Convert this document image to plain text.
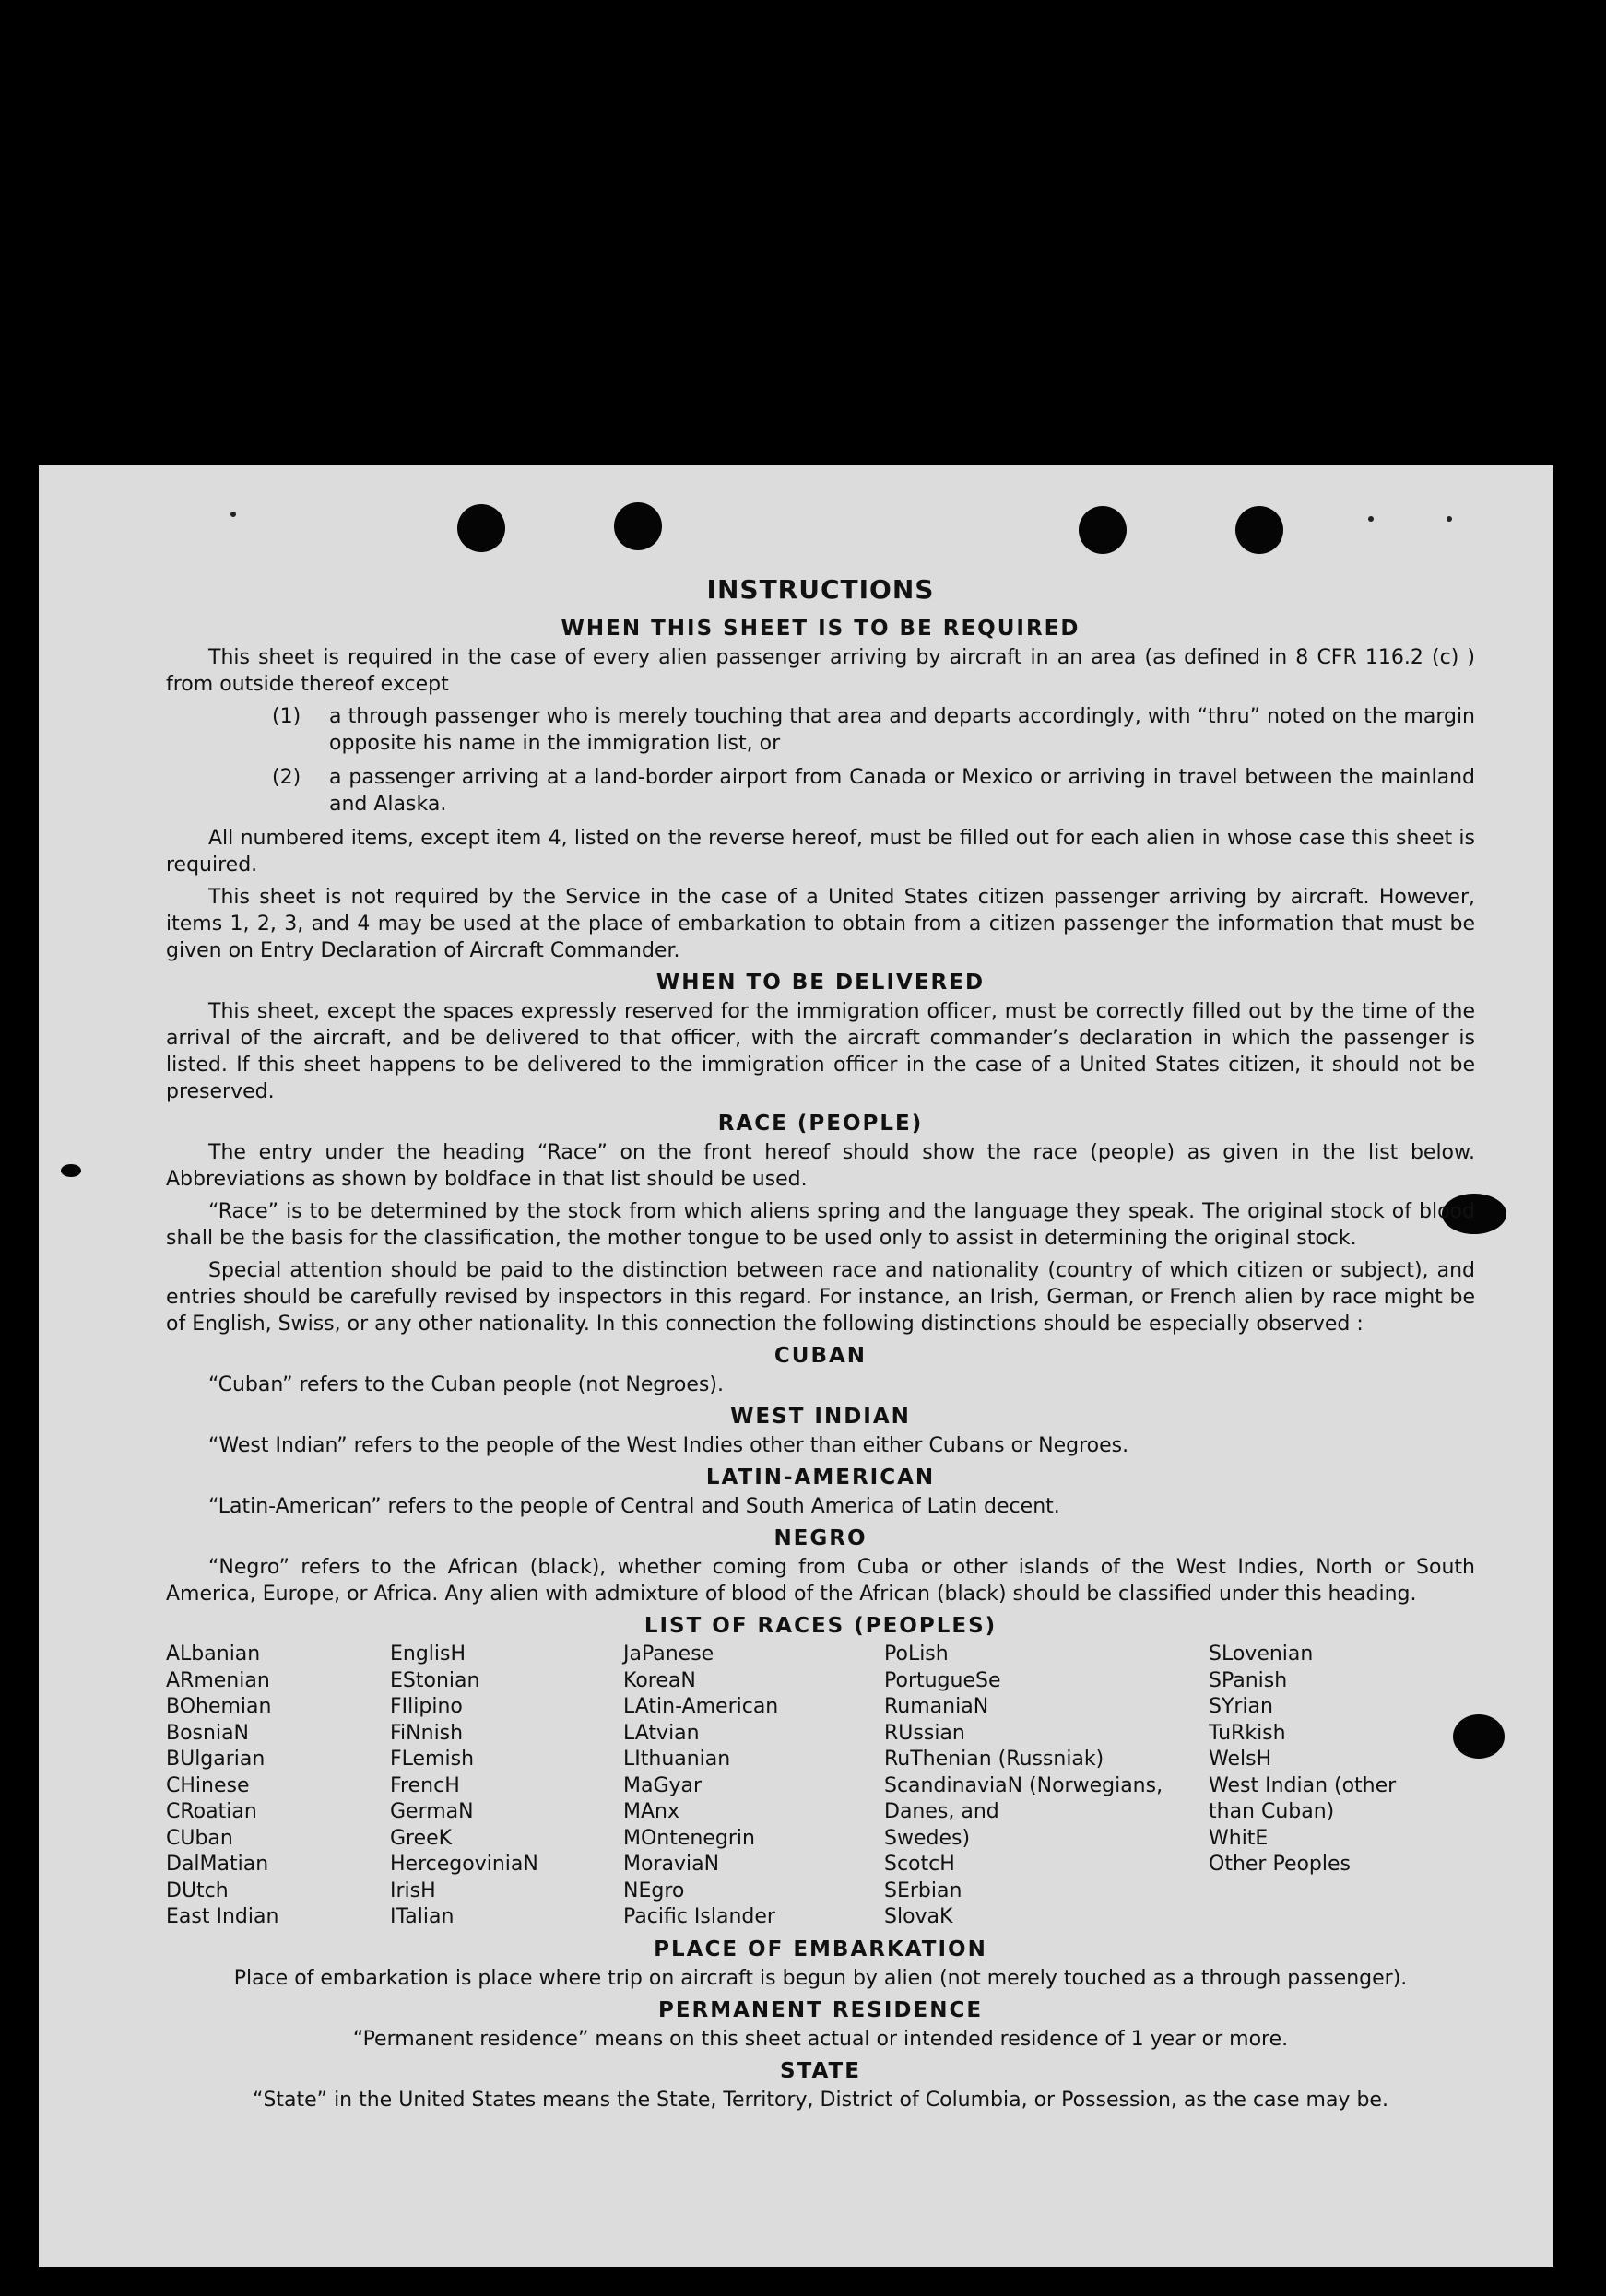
INSTRUCTIONS
WHEN THIS SHEET IS TO BE REQUIRED

This sheet is required in the case of every alien passenger arriving by aircraft in an area (as defined in 8 CFR 116.2 (c) ) from outside thereof except

(1)	a through passenger who is merely touching that area and departs accordingly, with “thru” noted on the margin opposite his name in the immigration list, or
(2)	a passenger arriving at a land-border airport from Canada or Mexico or arriving in travel between the mainland and Alaska.

All numbered items, except item 4, listed on the reverse hereof, must be filled out for each alien in whose case this sheet is required.

This sheet is not required by the Service in the case of a United States citizen passenger arriving by aircraft. However, items 1, 2, 3, and 4 may be used at the place of embarkation to obtain from a citizen passenger the information that must be given on Entry Declaration of Aircraft Commander.

WHEN TO BE DELIVERED

This sheet, except the spaces expressly reserved for the immigration officer, must be correctly filled out by the time of the arrival of the aircraft, and be delivered to that officer, with the aircraft commander’s declaration in which the passenger is listed. If this sheet happens to be delivered to the immigration officer in the case of a United States citizen, it should not be preserved.

RACE (PEOPLE)

The entry under the heading “Race” on the front hereof should show the race (people) as given in the list below. Abbreviations as shown by boldface in that list should be used.

“Race” is to be determined by the stock from which aliens spring and the language they speak. The original stock of blood shall be the basis for the classification, the mother tongue to be used only to assist in determining the original stock.

Special attention should be paid to the distinction between race and nationality (country of which citizen or subject), and entries should be carefully revised by inspectors in this regard. For instance, an Irish, German, or French alien by race might be of English, Swiss, or any other nationality. In this connection the following distinctions should be especially observed :

CUBAN

“Cuban” refers to the Cuban people (not Negroes).

WEST INDIAN

“West Indian” refers to the people of the West Indies other than either Cubans or Negroes.

LATIN-AMERICAN

“Latin-American” refers to the people of Central and South America of Latin decent.

NEGRO

“Negro” refers to the African (black), whether coming from Cuba or other islands of the West Indies, North or South America, Europe, or Africa. Any alien with admixture of blood of the African (black) should be classified under this heading.

LIST OF RACES (PEOPLES)
ALbanian
ARmenian
BOhemian
BosniaN
BUlgarian
CHinese
CRoatian
CUban
DalMatian
DUtch
East Indian
EnglisH
EStonian
FIlipino
FiNnish
FLemish
FrencH
GermaN
GreeK
HercegoviniaN
IrisH
ITalian
JaPanese
KoreaN
LAtin-American
LAtvian
LIthuanian
MaGyar
MAnx
MOntenegrin
MoraviaN
NEgro
Pacific Islander
PoLish
PortugueSe
RumaniaN
RUssian
RuThenian (Russniak)
ScandinaviaN (Norwegians,
Danes, and
Swedes)
ScotcH
SErbian
SlovaK
SLovenian
SPanish
SYrian
TuRkish
WelsH
West Indian (other
than Cuban)
WhitE
Other Peoples
PLACE OF EMBARKATION

Place of embarkation is place where trip on aircraft is begun by alien (not merely touched as a through passenger).

PERMANENT RESIDENCE

“Permanent residence” means on this sheet actual or intended residence of 1 year or more.

STATE

“State” in the United States means the State, Territory, District of Columbia, or Possession, as the case may be.
